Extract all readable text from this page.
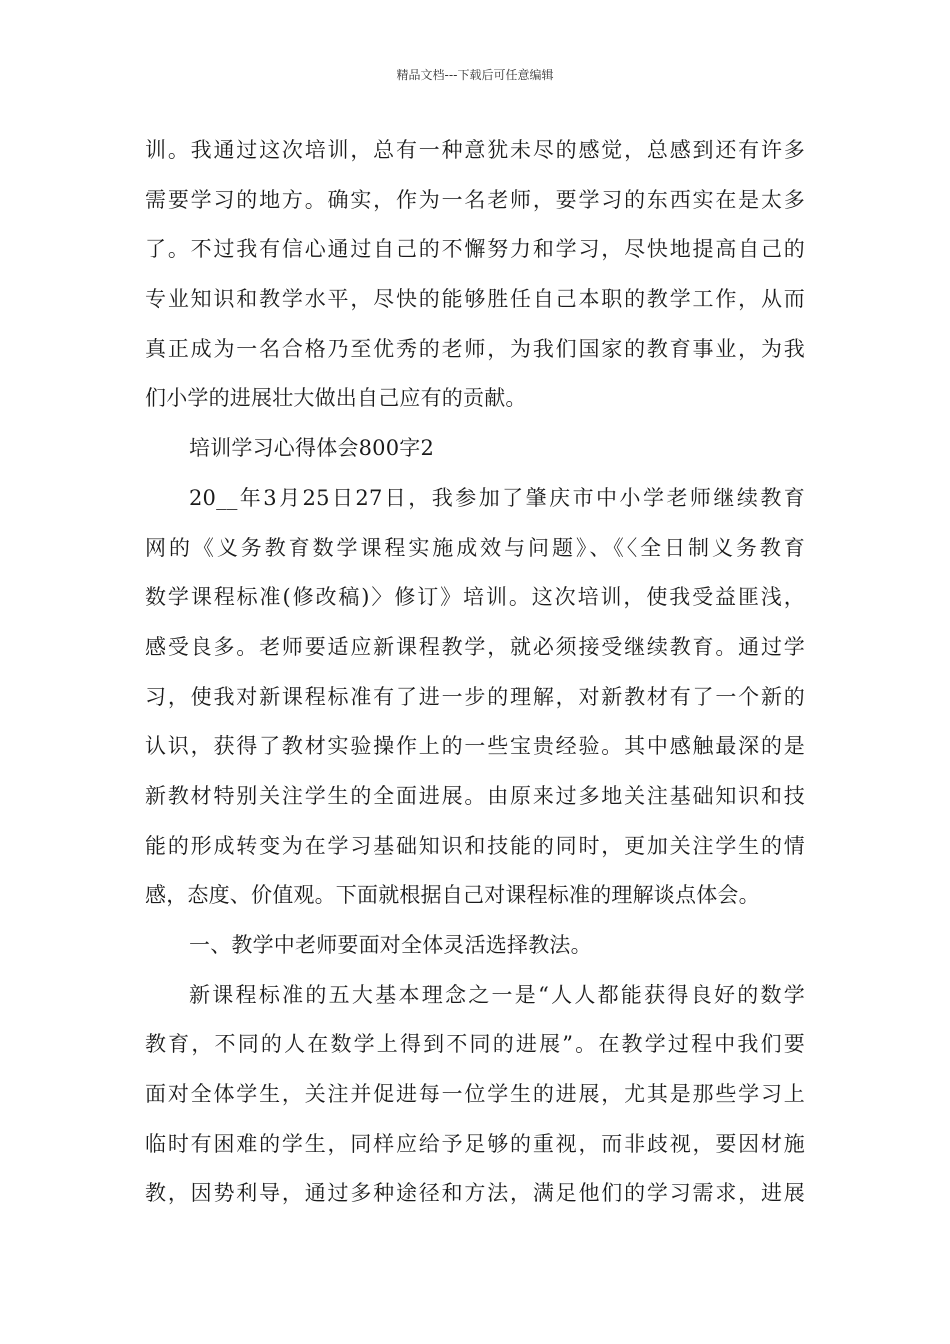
精品文档---下载后可任意编辑
训。我通过这次培训，总有一种意犹未尽的感觉，总感到还有许多
需要学习的地方。确实，作为一名老师，要学习的东西实在是太多
了。不过我有信心通过自己的不懈努力和学习，尽快地提高自己的
专业知识和教学水平，尽快的能够胜任自己本职的教学工作，从而
真正成为一名合格乃至优秀的老师，为我们国家的教育事业，为我
们小学的进展壮大做出自己应有的贡献。
培训学习心得体会800字2
20__年3月25日27日，我参加了肇庆市中小学老师继续教育
网的《义务教育数学课程实施成效与问题》、《〈全日制义务教育
数学课程标准(修改稿)〉修订》培训。这次培训，使我受益匪浅，
感受良多。老师要适应新课程教学，就必须接受继续教育。通过学
习，使我对新课程标准有了进一步的理解，对新教材有了一个新的
认识，获得了教材实验操作上的一些宝贵经验。其中感触最深的是
新教材特别关注学生的全面进展。由原来过多地关注基础知识和技
能的形成转变为在学习基础知识和技能的同时，更加关注学生的情
感，态度、价值观。下面就根据自己对课程标准的理解谈点体会。
一、教学中老师要面对全体灵活选择教法。
新课程标准的五大基本理念之一是“人人都能获得良好的数学
教育，不同的人在数学上得到不同的进展”。在教学过程中我们要
面对全体学生，关注并促进每一位学生的进展，尤其是那些学习上
临时有困难的学生，同样应给予足够的重视，而非歧视，要因材施
教，因势利导，通过多种途径和方法，满足他们的学习需求，进展
